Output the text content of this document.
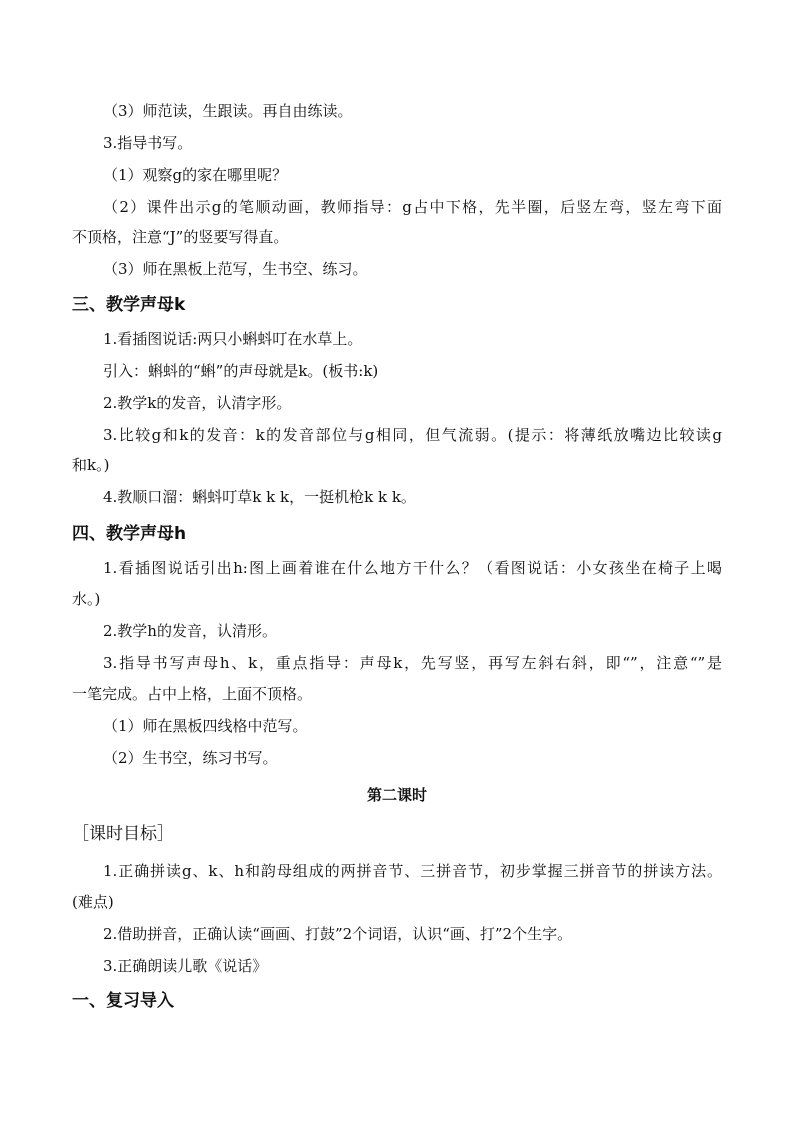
（3）师范读，生跟读。再自由练读。
3.指导书写。
（1）观察g的家在哪里呢？
（2）课件出示g的笔顺动画，教师指导：g占中下格，先半圈，后竖左弯，竖左弯下面
不顶格，注意“J”的竖要写得直。
（3）师在黑板上范写，生书空、练习。
三、教学声母k
1.看插图说话:两只小蝌蚪叮在水草上。
引入：蝌蚪的“蝌”的声母就是k。(板书:k)
2.教学k的发音，认清字形。
3.比较g和k的发音：k的发音部位与g相同，但气流弱。(提示：将薄纸放嘴边比较读g
和k。)
4.教顺口溜：蝌蚪叮草k k k，一挺机枪k k k。
四、教学声母h
1.看插图说话引出h:图上画着谁在什么地方干什么？（看图说话：小女孩坐在椅子上喝
水。)
2.教学h的发音，认清形。
3.指导书写声母h、k，重点指导：声母k，先写竖，再写左斜右斜，即“”，注意“”是
一笔完成。占中上格，上面不顶格。
（1）师在黑板四线格中范写。
（2）生书空，练习书写。
第二课时
［课时目标］
1.正确拼读g、k、h和韵母组成的两拼音节、三拼音节，初步掌握三拼音节的拼读方法。
(难点)
2.借助拼音，正确认读“画画、打鼓”2个词语，认识“画、打”2个生字。
3.正确朗读儿歌《说话》
一、复习导入
